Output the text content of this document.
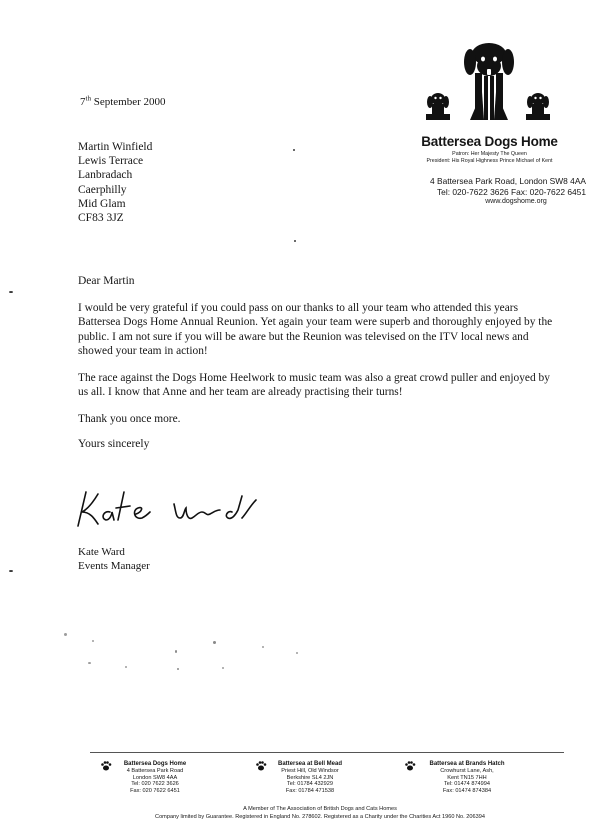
Battersea Dogs Home
Patron: Her Majesty The Queen
President: His Royal Highness Prince Michael of Kent
4 Battersea Park Road, London SW8 4AA
Tel: 020-7622 3626 Fax: 020-7622 6451
www.dogshome.org
7th September 2000
Martin Winfield
Lewis Terrace
Lanbradach
Caerphilly
Mid Glam
CF83 3JZ
Dear Martin
I would be very grateful if you could pass on our thanks to all your team who attended this years Battersea Dogs Home Annual Reunion. Yet again your team were superb and thoroughly enjoyed by the public. I am not sure if you will be aware but the Reunion was televised on the ITV local news and showed your team in action!
The race against the Dogs Home Heelwork to music team was also a great crowd puller and enjoyed by us all. I know that Anne and her team are already practising their turns!
Thank you once more.
Yours sincerely
Kate Ward
Events Manager
Battersea Dogs Home
4 Battersea Park Road
London SW8 4AA
Tel: 020 7622 3626
Fax: 020 7622 6451
Battersea at Bell Mead
Priest Hill, Old Windsor
Berkshire SL4 2JN
Tel: 01784 432929
Fax: 01784 471538
Battersea at Brands Hatch
Crowhurst Lane, Ash,
Kent TN15 7HH
Tel: 01474 874994
Fax: 01474 874384
A Member of The Association of British Dogs and Cats Homes
Company limited by Guarantee. Registered in England No. 278602. Registered as a Charity under the Charities Act 1960 No. 206394
